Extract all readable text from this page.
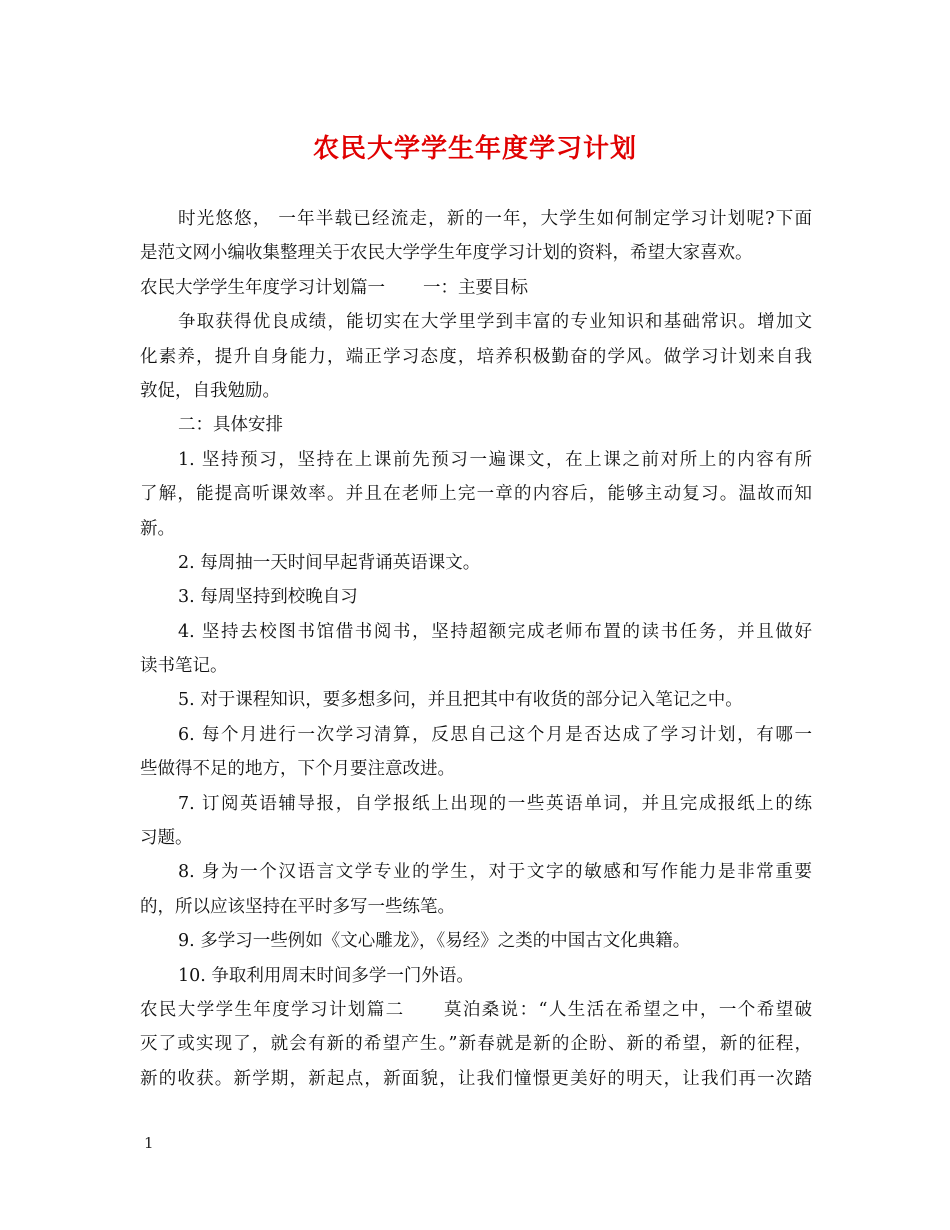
农民大学学生年度学习计划
时光悠悠， 一年半载已经流走，新的一年，大学生如何制定学习计划呢?下面
是范文网小编收集整理关于农民大学学生年度学习计划的资料，希望大家喜欢。
农民大学学生年度学习计划篇一 一：主要目标
争取获得优良成绩，能切实在大学里学到丰富的专业知识和基础常识。增加文
化素养，提升自身能力，端正学习态度，培养积极勤奋的学风。做学习计划来自我
敦促，自我勉励。
二：具体安排
1. 坚持预习，坚持在上课前先预习一遍课文，在上课之前对所上的内容有所
了解，能提高听课效率。并且在老师上完一章的内容后，能够主动复习。温故而知
新。
2. 每周抽一天时间早起背诵英语课文。
3. 每周坚持到校晚自习
4. 坚持去校图书馆借书阅书，坚持超额完成老师布置的读书任务，并且做好
读书笔记。
5. 对于课程知识，要多想多问，并且把其中有收货的部分记入笔记之中。
6. 每个月进行一次学习清算，反思自己这个月是否达成了学习计划，有哪一
些做得不足的地方，下个月要注意改进。
7. 订阅英语辅导报，自学报纸上出现的一些英语单词，并且完成报纸上的练
习题。
8. 身为一个汉语言文学专业的学生，对于文字的敏感和写作能力是非常重要
的，所以应该坚持在平时多写一些练笔。
9. 多学习一些例如《文心雕龙》，《易经》之类的中国古文化典籍。
10. 争取利用周末时间多学一门外语。
农民大学学生年度学习计划篇二 莫泊桑说：“人生活在希望之中，一个希望破
灭了或实现了，就会有新的希望产生。”新春就是新的企盼、新的希望，新的征程，
新的收获。新学期，新起点，新面貌，让我们憧憬更美好的明天，让我们再一次踏
1
